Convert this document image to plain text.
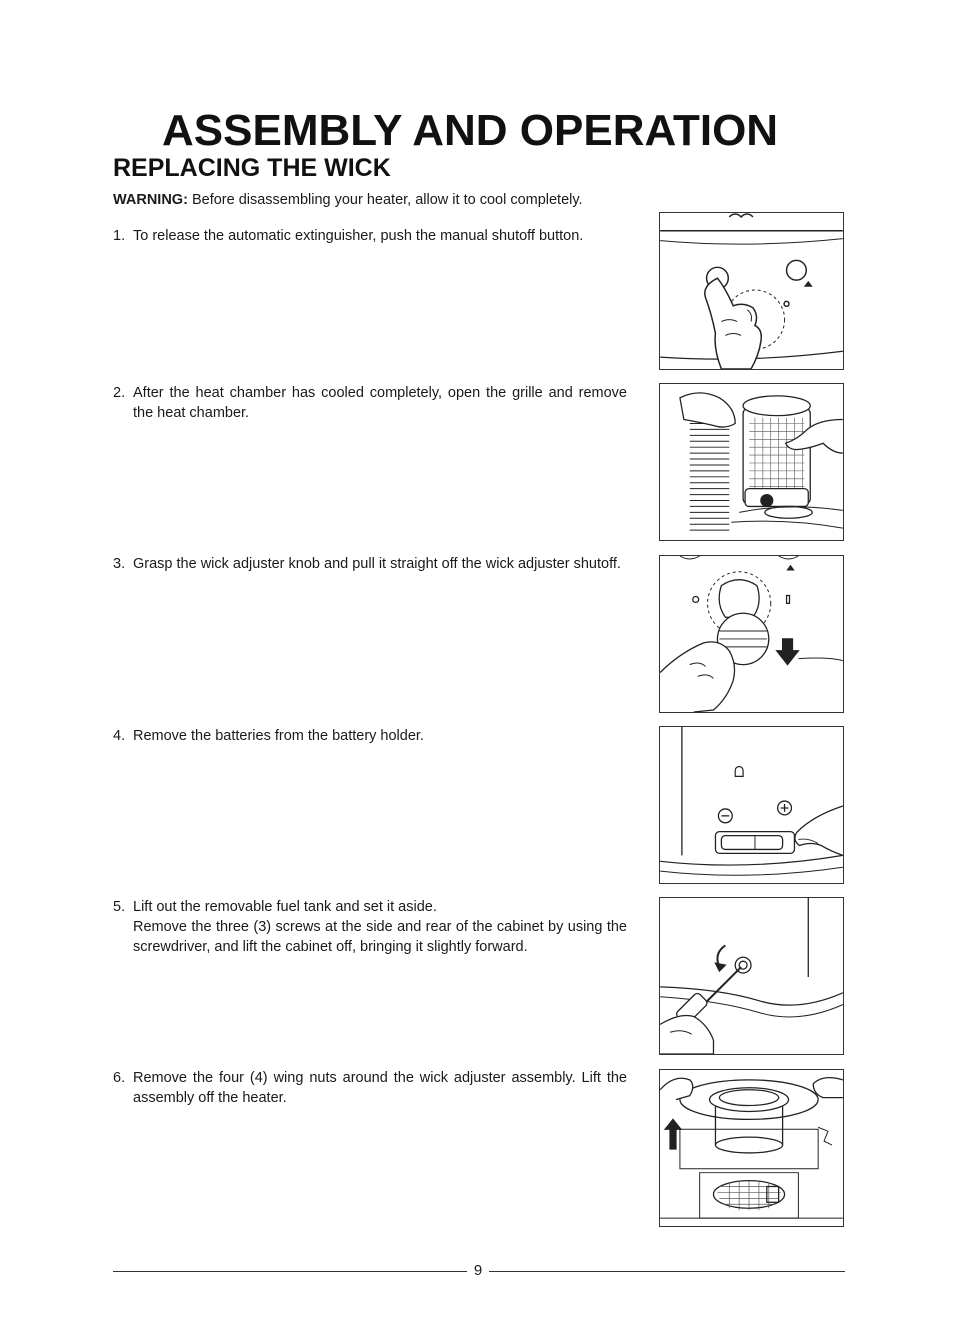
ASSEMBLY AND OPERATION
REPLACING THE WICK

WARNING: Before disassembling your heater, allow it to cool completely.

1. To release the automatic extinguisher, push the manual shutoff button.
2. After the heat chamber has cooled completely, open the grille and remove the heat chamber.
3. Grasp the wick adjuster knob and pull it straight off the wick adjuster shutoff.
4. Remove the batteries from the battery holder.
5. Lift out the removable fuel tank and set it aside.
Remove the three (3) screws at the side and rear of the cabinet by using the screwdriver, and lift the cabinet off, bringing it slightly forward.
6. Remove the four (4) wing nuts around the wick adjuster assembly. Lift the assembly off the heater.
9
